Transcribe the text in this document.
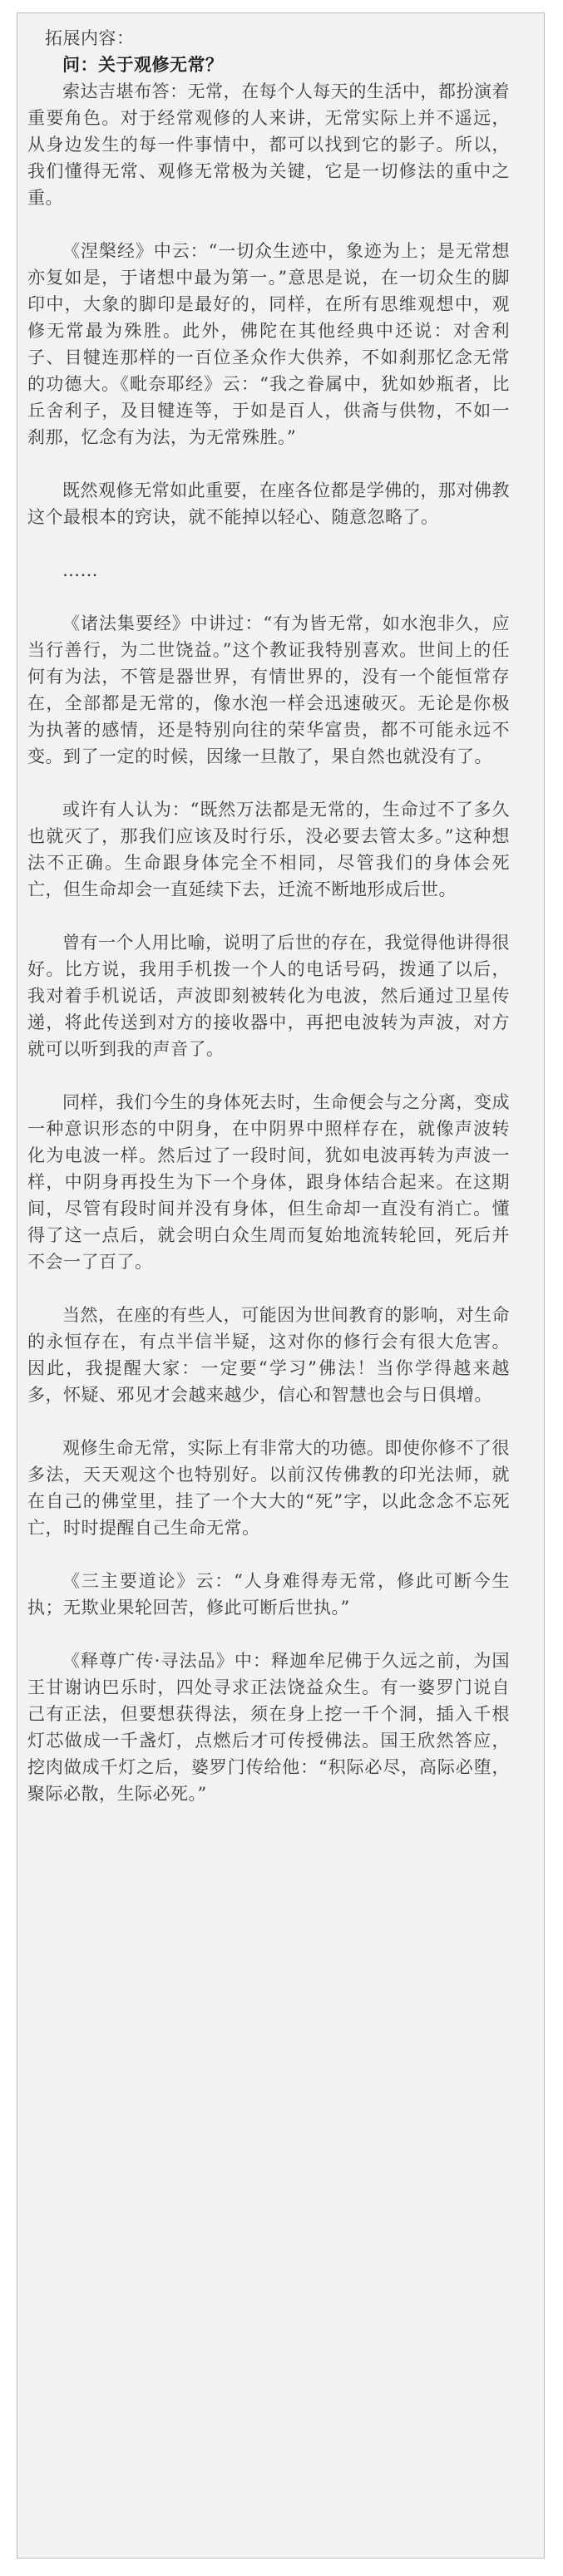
拓展内容：

问：关于观修无常？

索达吉堪布答：无常，在每个人每天的生活中，都扮演着重要角色。对于经常观修的人来讲，无常实际上并不遥远，从身边发生的每一件事情中，都可以找到它的影子。所以，我们懂得无常、观修无常极为关键，它是一切修法的重中之重。

《涅槃经》中云：“一切众生迹中，象迹为上；是无常想亦复如是，于诸想中最为第一。”意思是说，在一切众生的脚印中，大象的脚印是最好的，同样，在所有思维观想中，观修无常最为殊胜。此外，佛陀在其他经典中还说：对舍利子、目犍连那样的一百位圣众作大供养，不如刹那忆念无常的功德大。《毗奈耶经》云：“我之眷属中，犹如妙瓶者，比丘舍利子，及目犍连等，于如是百人，供斋与供物，不如一刹那，忆念有为法，为无常殊胜。”

既然观修无常如此重要，在座各位都是学佛的，那对佛教这个最根本的窍诀，就不能掉以轻心、随意忽略了。

……

《诸法集要经》中讲过：“有为皆无常，如水泡非久，应当行善行，为二世饶益。”这个教证我特别喜欢。世间上的任何有为法，不管是器世界，有情世界的，没有一个能恒常存在，全部都是无常的，像水泡一样会迅速破灭。无论是你极为执著的感情，还是特别向往的荣华富贵，都不可能永远不变。到了一定的时候，因缘一旦散了，果自然也就没有了。

或许有人认为：“既然万法都是无常的，生命过不了多久也就灭了，那我们应该及时行乐，没必要去管太多。”这种想法不正确。生命跟身体完全不相同，尽管我们的身体会死亡，但生命却会一直延续下去，迁流不断地形成后世。

曾有一个人用比喻，说明了后世的存在，我觉得他讲得很好。比方说，我用手机拨一个人的电话号码，拨通了以后，我对着手机说话，声波即刻被转化为电波，然后通过卫星传递，将此传送到对方的接收器中，再把电波转为声波，对方就可以听到我的声音了。

同样，我们今生的身体死去时，生命便会与之分离，变成一种意识形态的中阴身，在中阴界中照样存在，就像声波转化为电波一样。然后过了一段时间，犹如电波再转为声波一样，中阴身再投生为下一个身体，跟身体结合起来。在这期间，尽管有段时间并没有身体，但生命却一直没有消亡。懂得了这一点后，就会明白众生周而复始地流转轮回，死后并不会一了百了。

当然，在座的有些人，可能因为世间教育的影响，对生命的永恒存在，有点半信半疑，这对你的修行会有很大危害。因此，我提醒大家：一定要“学习”佛法！当你学得越来越多，怀疑、邪见才会越来越少，信心和智慧也会与日俱增。

观修生命无常，实际上有非常大的功德。即使你修不了很多法，天天观这个也特别好。以前汉传佛教的印光法师，就在自己的佛堂里，挂了一个大大的“死”字，以此念念不忘死亡，时时提醒自己生命无常。

《三主要道论》云：“人身难得寿无常，修此可断今生执；无欺业果轮回苦，修此可断后世执。”

《释尊广传·寻法品》中：释迦牟尼佛于久远之前，为国王甘谢讷巴乐时，四处寻求正法饶益众生。有一婆罗门说自己有正法，但要想获得法，须在身上挖一千个洞，插入千根灯芯做成一千盏灯，点燃后才可传授佛法。国王欣然答应，挖肉做成千灯之后，婆罗门传给他：“积际必尽，高际必堕，聚际必散，生际必死。”
